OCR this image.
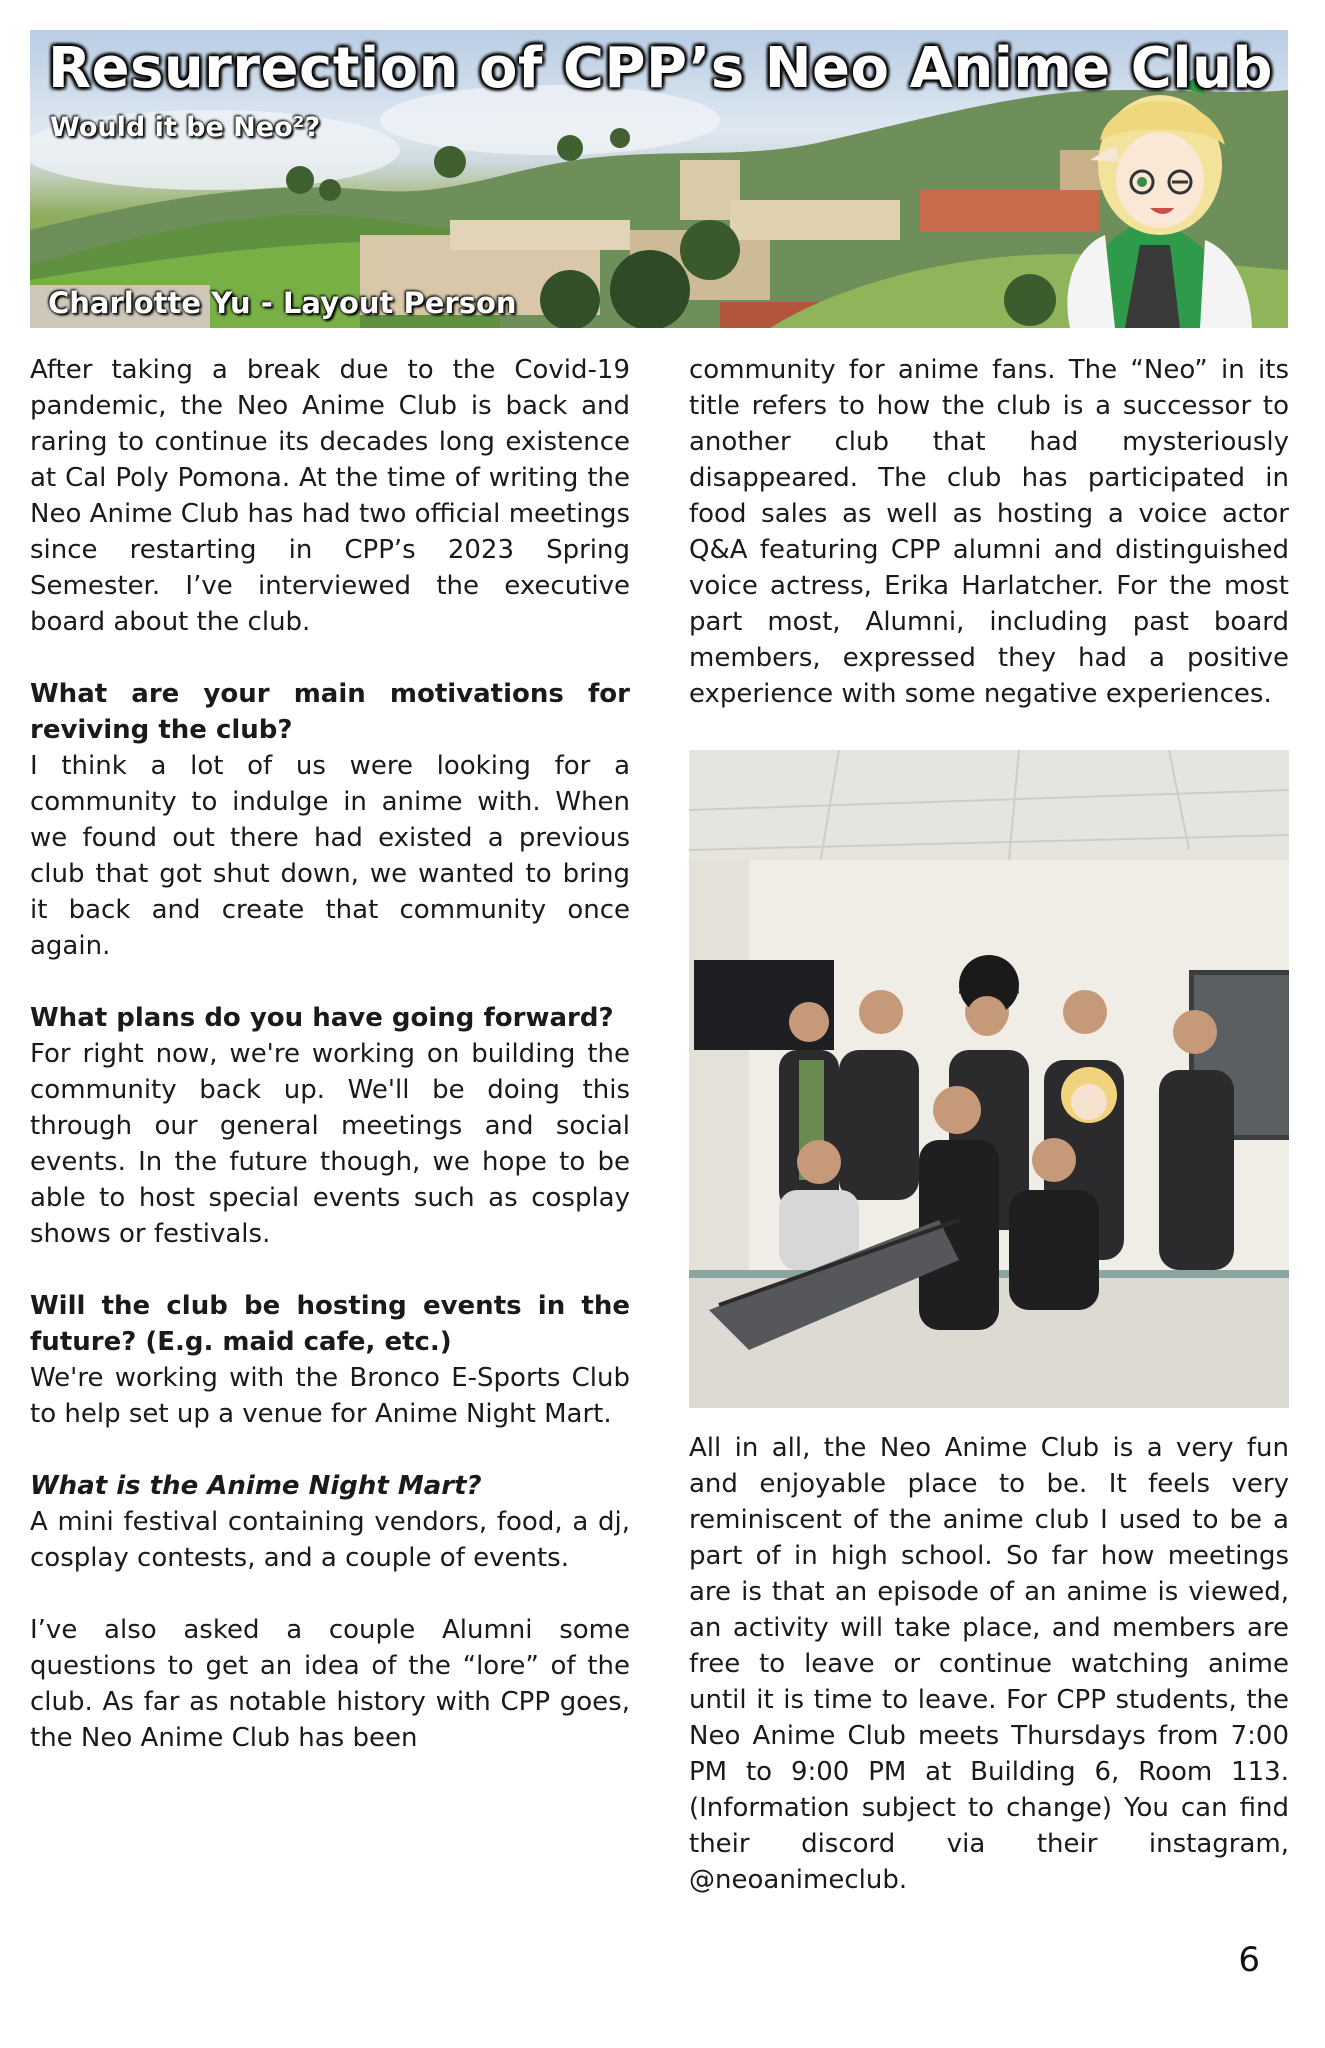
Resurrection of CPP’s Neo Anime Club
Would it be Neo²?
Charlotte Yu - Layout Person

After taking a break due to the Covid-19 pandemic, the Neo Anime Club is back and raring to continue its decades long existence at Cal Poly Pomona. At the time of writing the Neo Anime Club has had two official meetings since restarting in CPP’s 2023 Spring Semester. I’ve interviewed the executive board about the club.

What are your main motivations for reviving the club?

I think a lot of us were looking for a community to indulge in anime with. When we found out there had existed a previous club that got shut down, we wanted to bring it back and create that community once again.

What plans do you have going forward?

For right now, we're working on building the community back up. We'll be doing this through our general meetings and social events. In the future though, we hope to be able to host special events such as cosplay shows or festivals.

Will the club be hosting events in the future? (E.g. maid cafe, etc.)

We're working with the Bronco E-Sports Club to help set up a venue for Anime Night Mart.

What is the Anime Night Mart?

A mini festival containing vendors, food, a dj, cosplay contests, and a couple of events.

I’ve also asked a couple Alumni some questions to get an idea of the “lore” of the club. As far as notable history with CPP goes, the Neo Anime Club has been

community for anime fans. The “Neo” in its title refers to how the club is a successor to another club that had mysteriously disappeared. The club has participated in food sales as well as hosting a voice actor Q&A featuring CPP alumni and distinguished voice actress, Erika Harlatcher. For the most part most, Alumni, including past board members, expressed they had a positive experience with some negative experiences.

All in all, the Neo Anime Club is a very fun and enjoyable place to be. It feels very reminiscent of the anime club I used to be a part of in high school. So far how meetings are is that an episode of an anime is viewed, an activity will take place, and members are free to leave or continue watching anime until it is time to leave. For CPP students, the Neo Anime Club meets Thursdays from 7:00 PM to 9:00 PM at Building 6, Room 113. (Information subject to change) You can find their discord via their instagram, @neoanimeclub.

6
